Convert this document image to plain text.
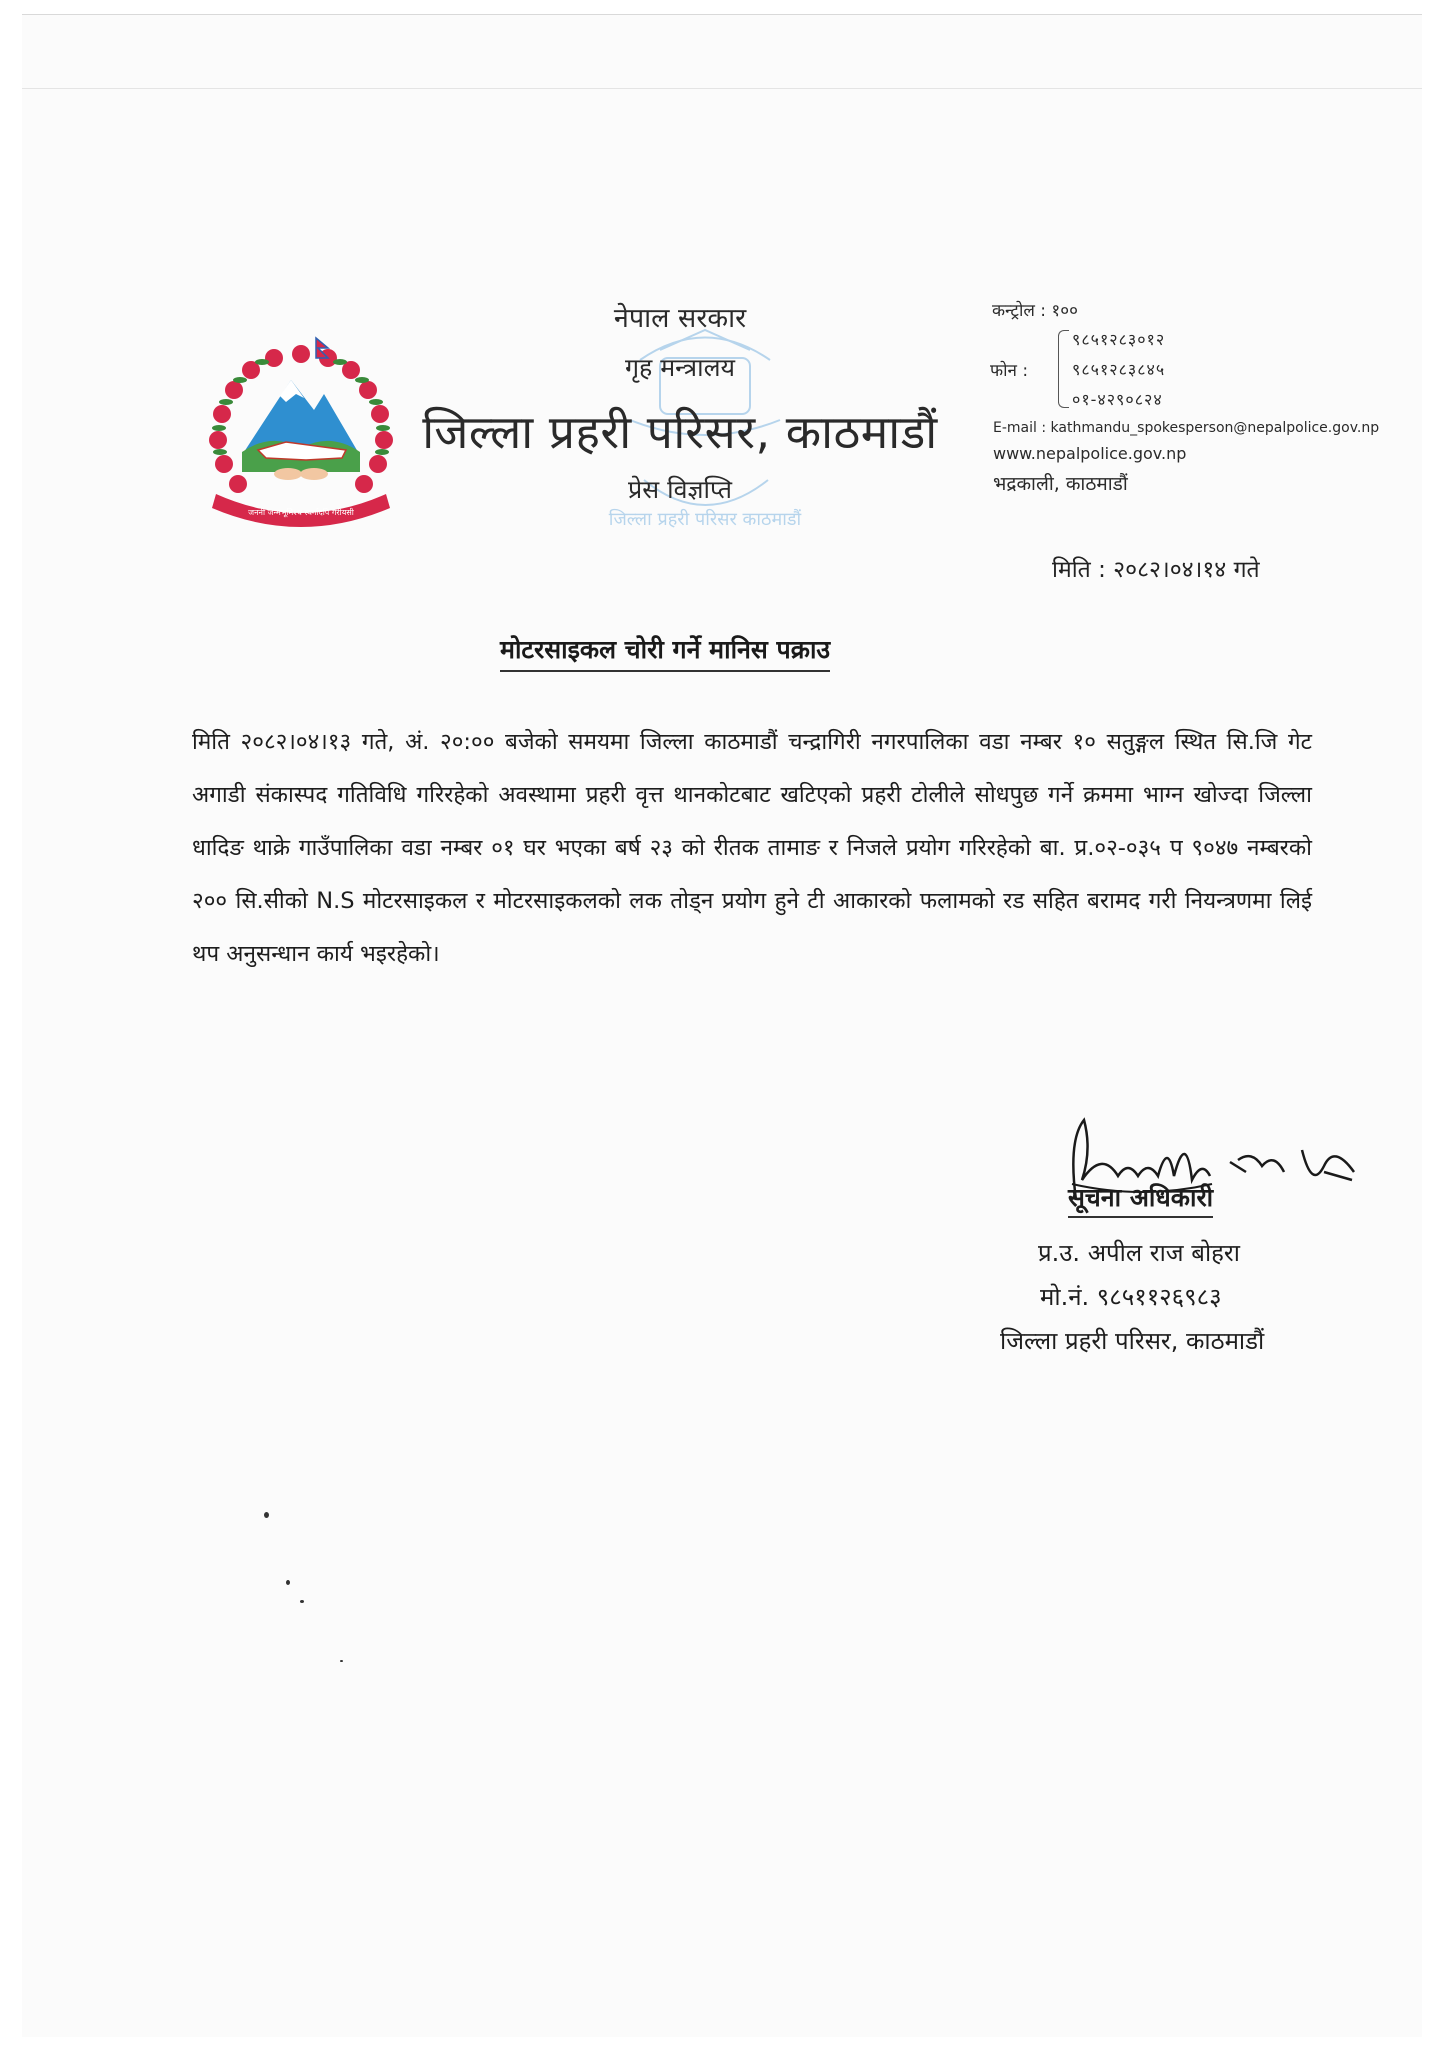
जननी जन्मभूमिश्च स्वर्गादपि गरीयसी	जिल्ला प्रहरी परिसर काठमाडौं
नेपाल सरकार
गृह मन्त्रालय
जिल्ला प्रहरी परिसर, काठमाडौं
प्रेस विज्ञप्ति
कन्ट्रोल : १००
फोन :
९८५१२८३०१२
९८५१२८३८४५
०१-४२९०८२४
E-mail : kathmandu_spokesperson@nepalpolice.gov.np
www.nepalpolice.gov.np
भद्रकाली, काठमाडौं
मिति : २०८२।०४।१४ गते
मोटरसाइकल चोरी गर्ने मानिस पक्राउ
मिति २०८२।०४।१३ गते, अं. २०:०० बजेको समयमा जिल्ला काठमाडौं चन्द्रागिरी नगरपालिका वडा नम्बर १० सतुङ्गल स्थित सि.जि गेट अगाडी संकास्पद गतिविधि गरिरहेको अवस्थामा प्रहरी वृत्त थानकोटबाट खटिएको प्रहरी टोलीले सोधपुछ गर्ने क्रममा भाग्न खोज्दा जिल्ला धादिङ थाक्रे गाउँपालिका वडा नम्बर ०१ घर भएका बर्ष २३ को रीतक तामाङ र निजले प्रयोग गरिरहेको बा. प्र.०२-०३५ प ९०४७ नम्बरको २०० सि.सीको N.S मोटरसाइकल र मोटरसाइकलको लक तोड्न प्रयोग हुने टी आकारको फलामको रड सहित बरामद गरी नियन्त्रणमा लिई थप अनुसन्धान कार्य भइरहेको।
सूचना अधिकारी
प्र.उ. अपील राज बोहरा
मो.नं. ९८५११२६९८३
जिल्ला प्रहरी परिसर, काठमाडौं
